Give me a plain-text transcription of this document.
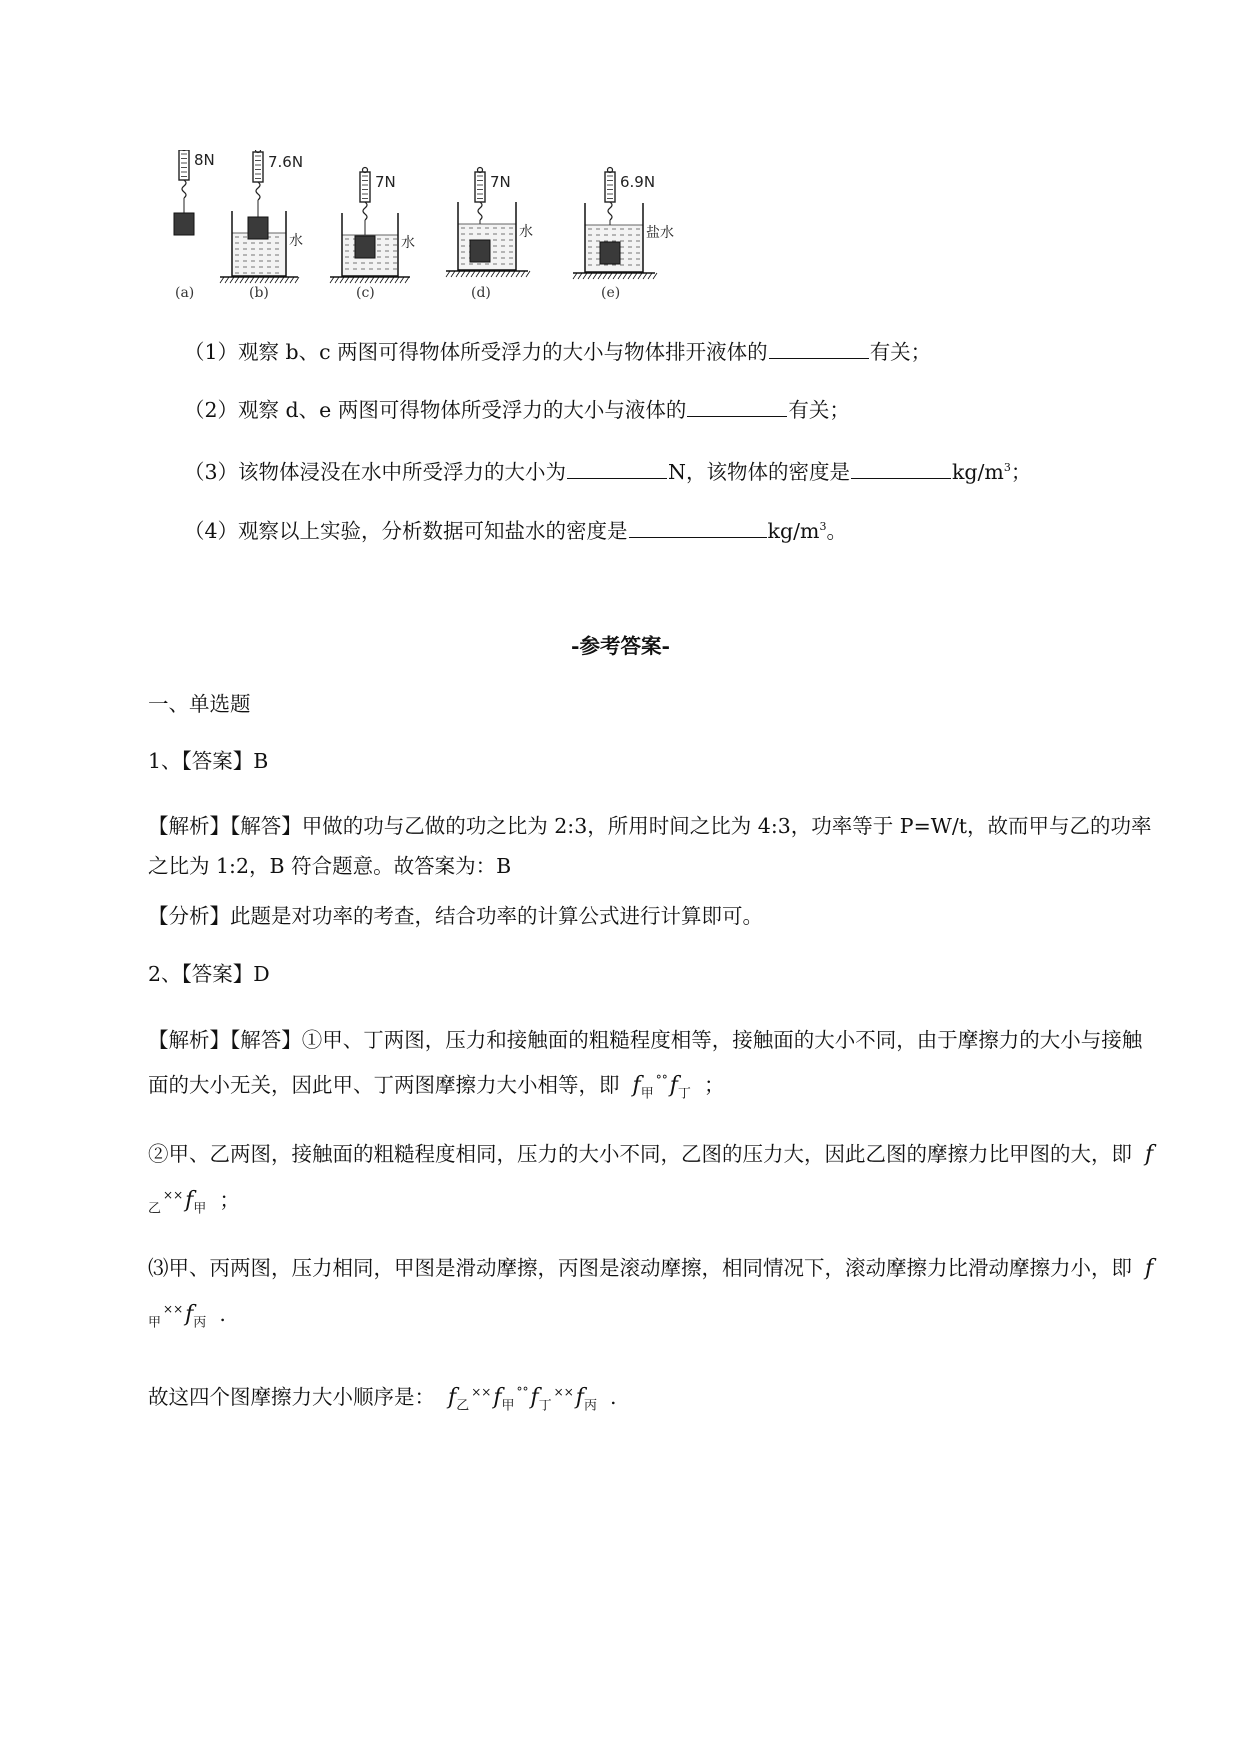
8N
(a)
7.6N
水
(b)
7N
水
(c)
7N
水
(d)
6.9N
盐水
(e)
（1）观察 b、c 两图可得物体所受浮力的大小与物体排开液体的	有关；
（2）观察 d、e 两图可得物体所受浮力的大小与液体的	有关；
（3）该物体浸没在水中所受浮力的大小为	N，该物体的密度是	$kg/m^3$；
（4）观察以上实验，分析数据可知盐水的密度是	$kg/m^3$。
-参考答案-
一、单选题
1、【答案】B
【解析】【解答】甲做的功与乙做的功之比为 2:3，所用时间之比为 4:3，功率等于 P=W/t，故而甲与乙的功率之比为 1:2，B 符合题意。故答案为：B
【分析】此题是对功率的考查，结合功率的计算公式进行计算即可。
2、【答案】D
【解析】【解答】①甲、丁两图，压力和接触面的粗糙程度相等，接触面的大小不同，由于摩擦力的大小与接触面的大小无关，因此甲、丁两图摩擦力大小相等，即 $f_甲^{^\circ^\circ}f_丁$ ；
②甲、乙两图，接触面的粗糙程度相同，压力的大小不同，乙图的压力大，因此乙图的摩擦力比甲图的大，即 $f_乙^{\times\times}f_甲$ ；
⑶甲、丙两图，压力相同，甲图是滑动摩擦，丙图是滚动摩擦，相同情况下，滚动摩擦力比滑动摩擦力小，即 $f_甲^{\times\times}f_丙$ .
故这四个图摩擦力大小顺序是： $f_乙^{\times\times}f_甲^{^\circ^\circ}f_丁^{\times\times}f_丙$ .
